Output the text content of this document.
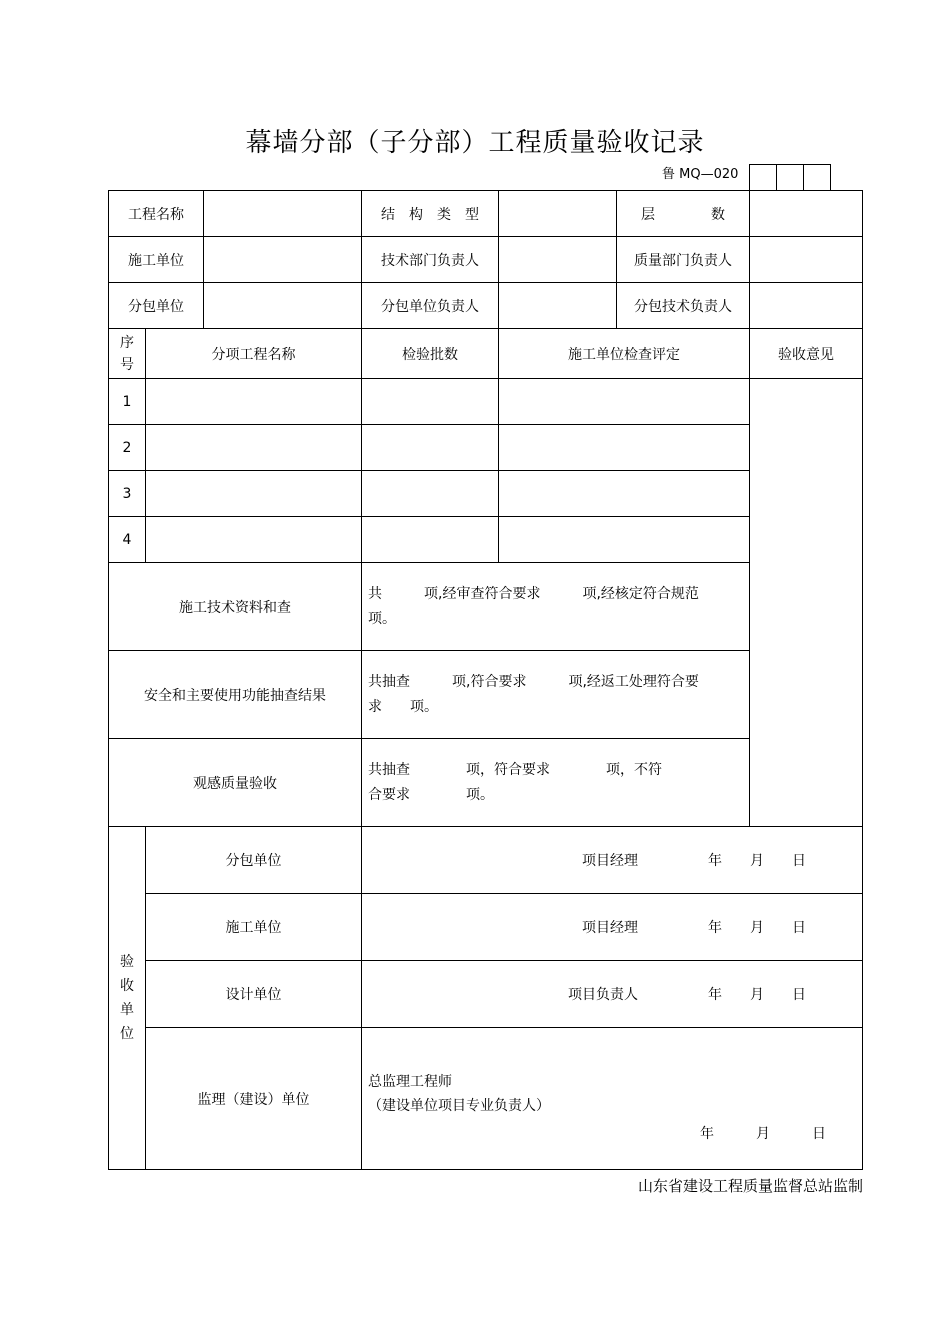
幕墙分部（子分部）工程质量验收记录
鲁 MQ—020
工程名称			结　构　类　型		层　　　　数	
施工单位			技术部门负责人		质量部门负责人	
分包单位			分包单位负责人		分包技术负责人	

序号	分项工程名称		检验批数	施工单位检查评定		验收意见
1						
2						
3						
4						
施工技术资料和查			共　　　项,经审查符合要求　　　项,经核定符合规范
项。			

安全和主要使用功能抽查结果			共抽查　　　项,符合要求　　　项,经返工处理符合要
求　　项。			

观感质量验收			共抽查　　　　项，符合要求　　　　项，不符
合要求　　　　项。			

验收单位	分包单位		项目经理　　　　　年　　月　　日			
	施工单位		项目经理　　　　　年　　月　　日			
	设计单位		项目负责人　　　　　年　　月　　日			
	监理（建设）单位		总监理工程师
（建设单位项目专业负责人）
年　　　月　　　日			
山东省建设工程质量监督总站监制
